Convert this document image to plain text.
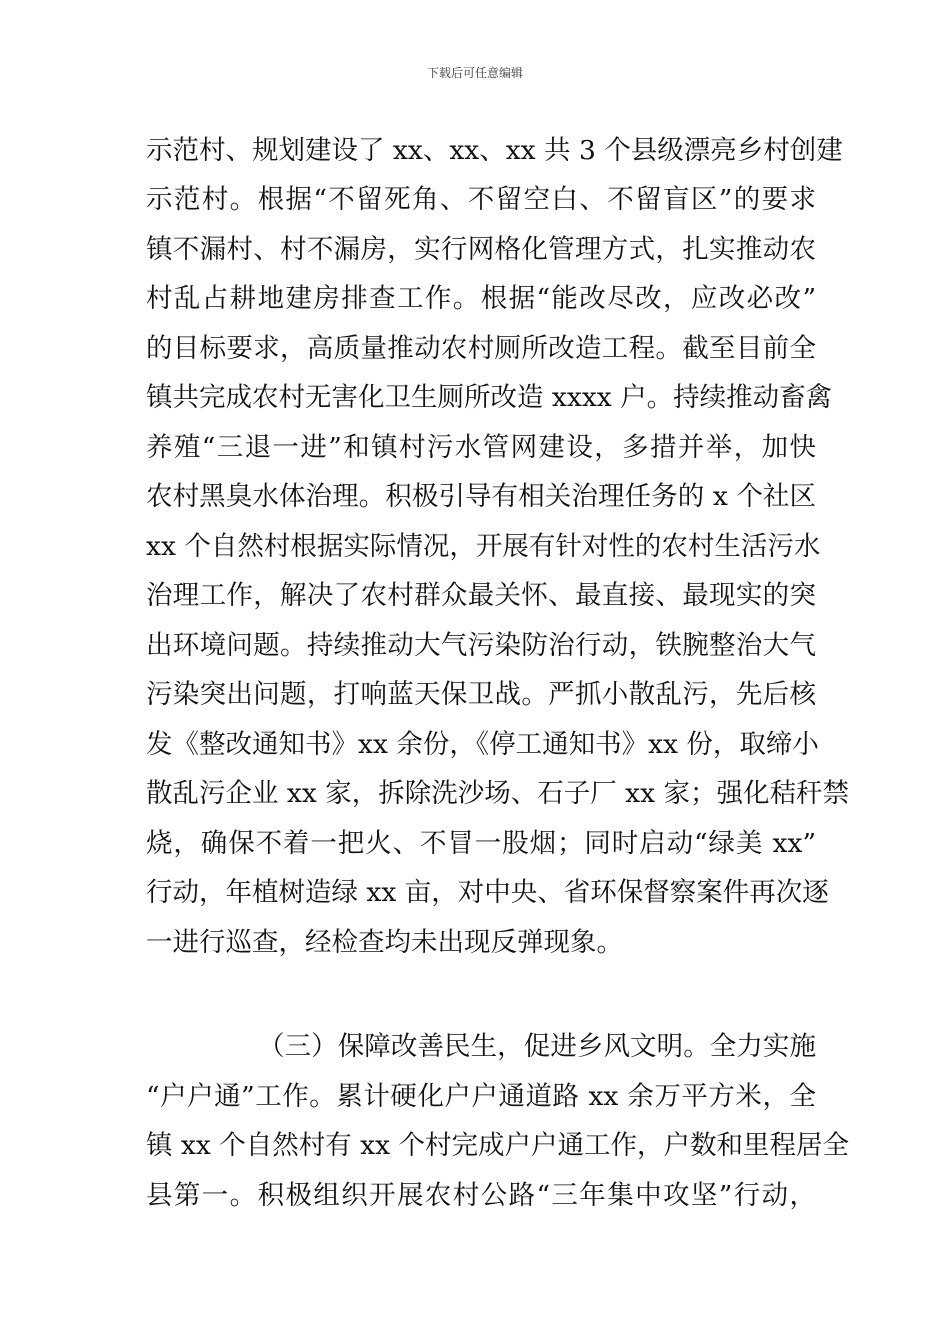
下载后可任意编辑
示范村、规划建设了 xx、xx、xx 共 3 个县级漂亮乡村创建
示范村。根据“不留死角、不留空白、不留盲区”的要求
镇不漏村、村不漏房，实行网格化管理方式，扎实推动农
村乱占耕地建房排查工作。根据“能改尽改，应改必改”
的目标要求，高质量推动农村厕所改造工程。截至目前全
镇共完成农村无害化卫生厕所改造 xxxx 户。持续推动畜禽
养殖“三退一进”和镇村污水管网建设，多措并举，加快
农村黑臭水体治理。积极引导有相关治理任务的 x 个社区
xx 个自然村根据实际情况，开展有针对性的农村生活污水
治理工作，解决了农村群众最关怀、最直接、最现实的突
出环境问题。持续推动大气污染防治行动，铁腕整治大气
污染突出问题，打响蓝天保卫战。严抓小散乱污，先后核
发《整改通知书》xx 余份，《停工通知书》xx 份，取缔小
散乱污企业 xx 家，拆除洗沙场、石子厂 xx 家；强化秸秆禁
烧，确保不着一把火、不冒一股烟；同时启动“绿美 xx”
行动，年植树造绿 xx 亩，对中央、省环保督察案件再次逐
一进行巡查，经检查均未出现反弹现象。
（三）保障改善民生，促进乡风文明。全力实施
“户户通”工作。累计硬化户户通道路 xx 余万平方米，全
镇 xx 个自然村有 xx 个村完成户户通工作，户数和里程居全
县第一。积极组织开展农村公路“三年集中攻坚”行动，
